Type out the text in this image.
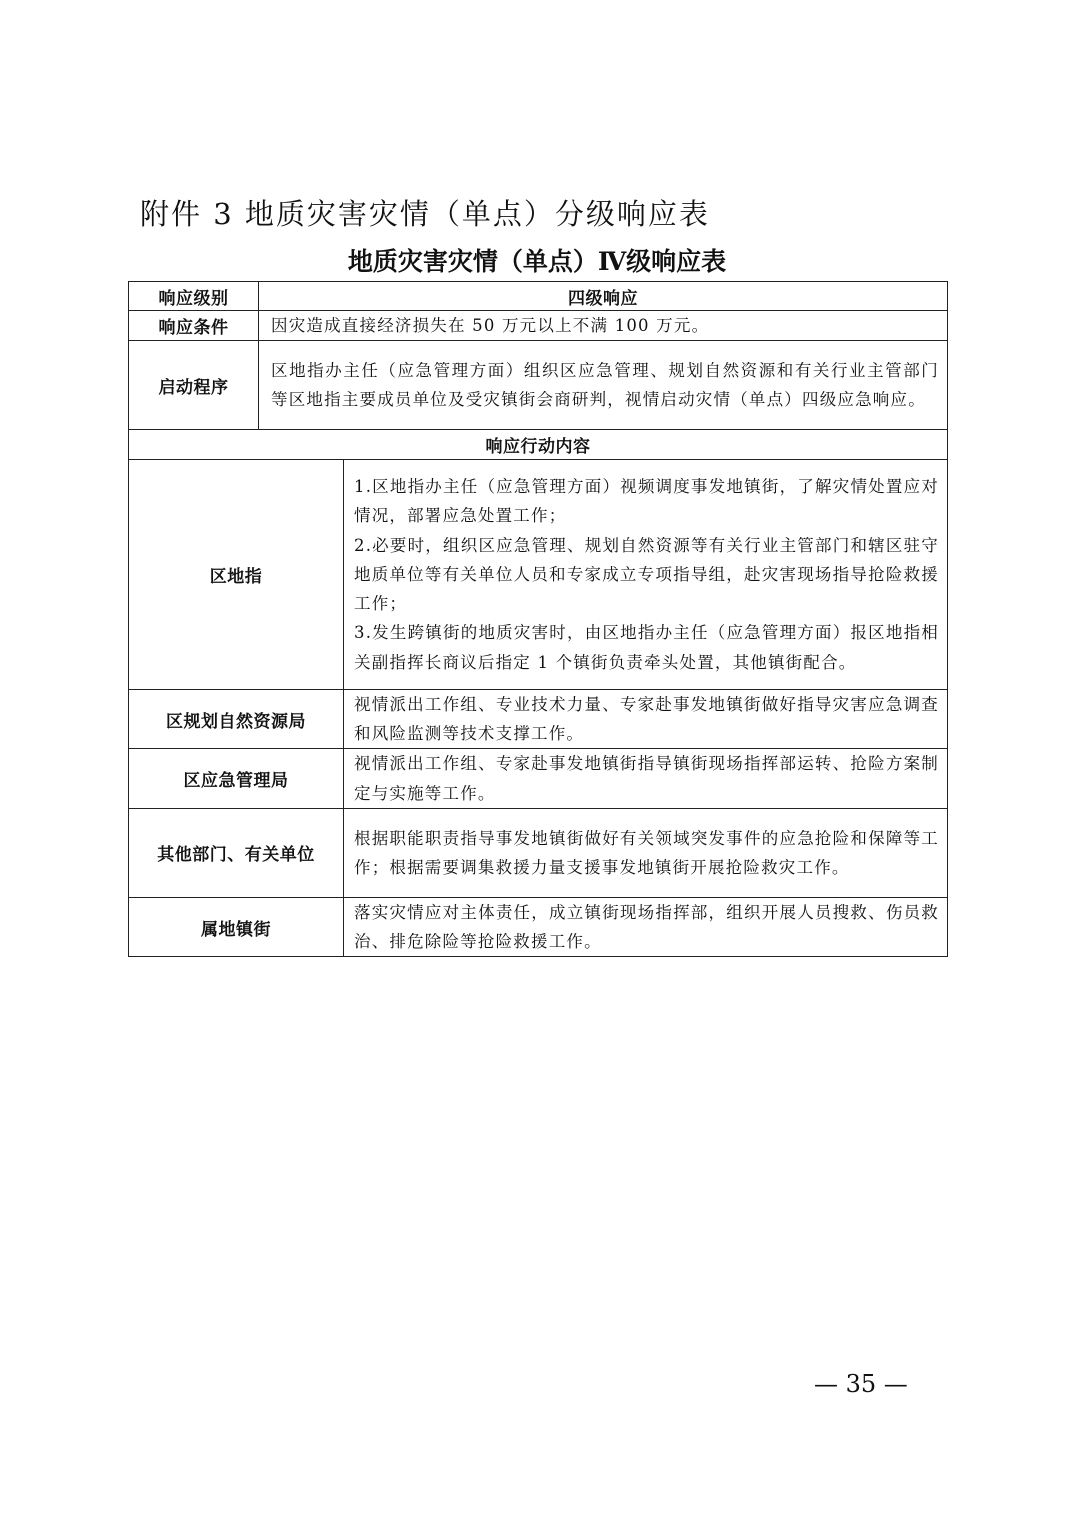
附件 3 地质灾害灾情（单点）分级响应表
地质灾害灾情（单点）Ⅳ级响应表
响应级别	四级响应	
响应条件	因灾造成直接经济损失在 50 万元以上不满 100 万元。	
启动程序	区地指办主任（应急管理方面）组织区应急管理、规划自然资源和有关行业主管部门等区地指主要成员单位及受灾镇街会商研判，视情启动灾情（单点）四级应急响应。	
响应行动内容		
区地指		1.区地指办主任（应急管理方面）视频调度事发地镇街，了解灾情处置应对情况，部署应急处置工作；

2.必要时，组织区应急管理、规划自然资源等有关行业主管部门和辖区驻守地质单位等有关单位人员和专家成立专项指导组，赴灾害现场指导抢险救援工作；

3.发生跨镇街的地质灾害时，由区地指办主任（应急管理方面）报区地指相关副指挥长商议后指定 1 个镇街负责牵头处置，其他镇街配合。

区规划自然资源局		视情派出工作组、专业技术力量、专家赴事发地镇街做好指导灾害应急调查和风险监测等技术支撑工作。

区应急管理局		视情派出工作组、专家赴事发地镇街指导镇街现场指挥部运转、抢险方案制定与实施等工作。

其他部门、有关单位		根据职能职责指导事发地镇街做好有关领域突发事件的应急抢险和保障等工作；根据需要调集救援力量支援事发地镇街开展抢险救灾工作。

属地镇街		落实灾情应对主体责任，成立镇街现场指挥部，组织开展人员搜救、伤员救治、排危除险等抢险救援工作。

— 35 —
